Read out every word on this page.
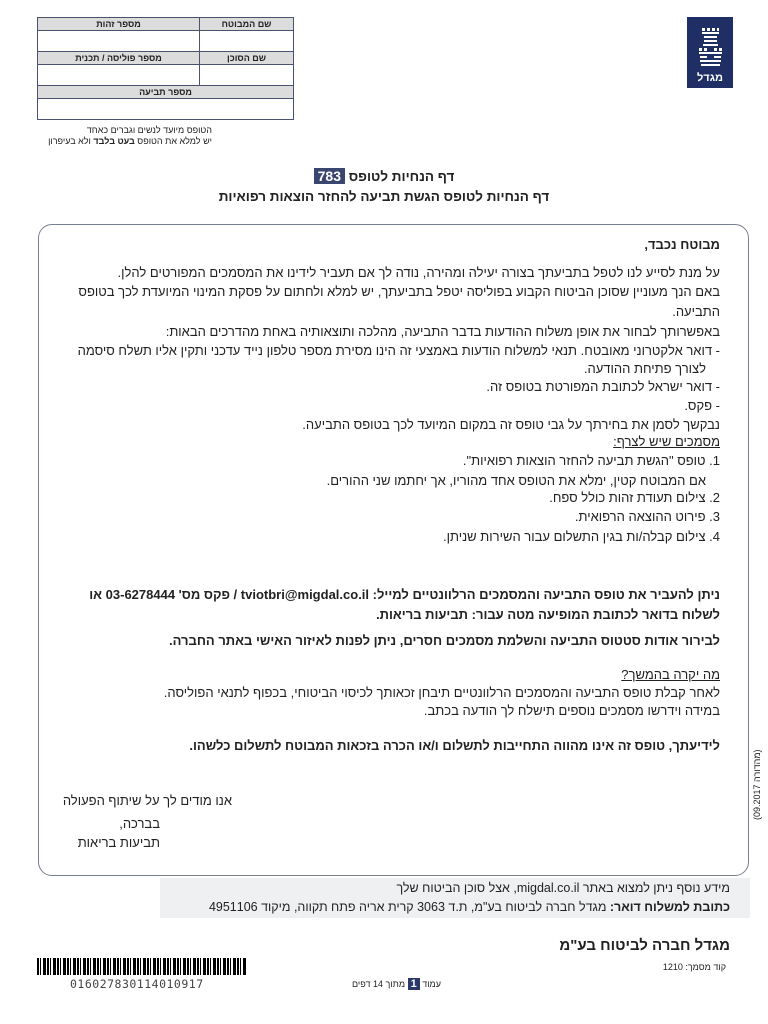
שם המבוטח	מספר זהות

שם הסוכן	מספר פוליסה / תכנית

מספר תביעה	

הטופס מיועד לנשים וגברים כאחד
יש למלא את הטופס בעט בלבד ולא בעיפרון
מגדל
דף הנחיות לטופס 783
דף הנחיות לטופס הגשת תביעה להחזר הוצאות רפואיות
מבוטח נכבד,
על מנת לסייע לנו לטפל בתביעתך בצורה יעילה ומהירה, נודה לך אם תעביר לידינו את המסמכים המפורטים להלן.
באם הנך מעוניין שסוכן הביטוח הקבוע בפוליסה יטפל בתביעתך, יש למלא ולחתום על פסקת המינוי המיועדת לכך בטופס
התביעה.
באפשרותך לבחור את אופן משלוח ההודעות בדבר התביעה, מהלכה ותוצאותיה באחת מהדרכים הבאות:
- דואר אלקטרוני מאובטח. תנאי למשלוח הודעות באמצעי זה הינו מסירת מספר טלפון נייד עדכני ותקין אליו תשלח סיסמה
לצורך פתיחת ההודעה.
- דואר ישראל לכתובת המפורטת בטופס זה.
- פקס.
נבקשך לסמן את בחירתך על גבי טופס זה במקום המיועד לכך בטופס התביעה.
מסמכים שיש לצרף:
1. טופס "הגשת תביעה להחזר הוצאות רפואיות".
אם המבוטח קטין, ימלא את הטופס אחד מהוריו, אך יחתמו שני ההורים.
2. צילום תעודת זהות כולל ספח.
3. פירוט ההוצאה הרפואית.
4. צילום קבלה/ות בגין התשלום עבור השירות שניתן.
ניתן להעביר את טופס התביעה והמסמכים הרלוונטיים למייל: tviotbri@migdal.co.il / פקס מס' 03-6278444 או
לשלוח בדואר לכתובת המופיעה מטה עבור: תביעות בריאות.
לבירור אודות סטטוס התביעה והשלמת מסמכים חסרים, ניתן לפנות לאיזור האישי באתר החברה.
מה יקרה בהמשך?
לאחר קבלת טופס התביעה והמסמכים הרלוונטיים תיבחן זכאותך לכיסוי הביטוחי, בכפוף לתנאי הפוליסה.
במידה וידרשו מסמכים נוספים תישלח לך הודעה בכתב.
לידיעתך, טופס זה אינו מהווה התחייבות לתשלום ו/או הכרה בזכאות המבוטח לתשלום כלשהו.
אנו מודים לך על שיתוף הפעולה
בברכה,
תביעות בריאות
(מהדורה 09.2017)
מידע נוסף ניתן למצוא באתר migdal.co.il, אצל סוכן הביטוח שלך
כתובת למשלוח דואר: מגדל חברה לביטוח בע"מ, ת.ד 3063 קרית אריה פתח תקווה, מיקוד 4951106
מגדל חברה לביטוח בע"מ
קוד מסמך: 1210
016027830114010917	עמוד 1 מתוך 14 דפים
